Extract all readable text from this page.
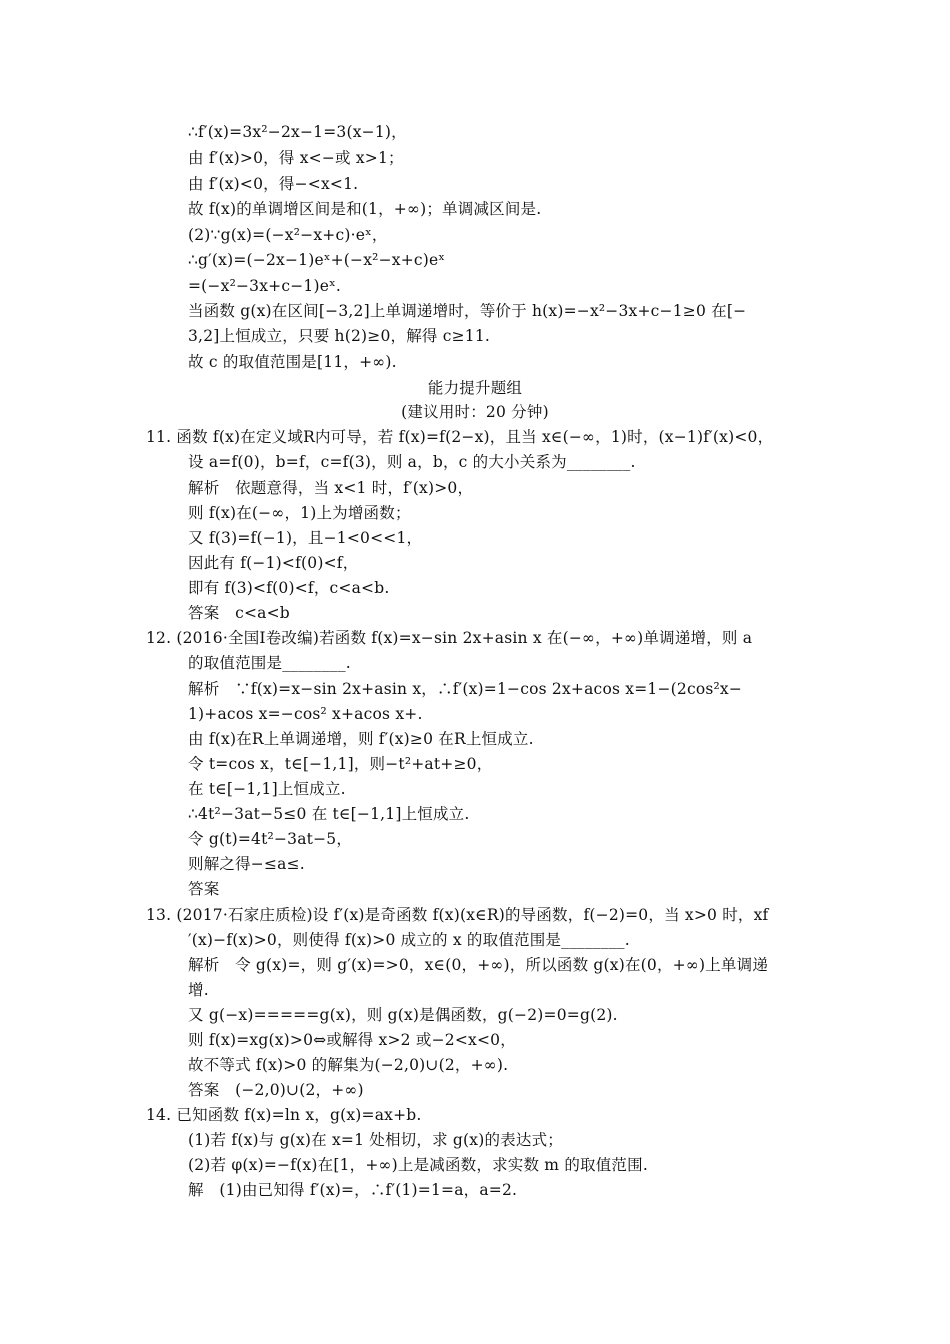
∴f′(x)=3x²−2x−1=3(x−1)，
由 f′(x)>0，得 x<−或 x>1；
由 f′(x)<0，得−<x<1.
故 f(x)的单调增区间是和(1，+∞)；单调减区间是.
(2)∵g(x)=(−x²−x+c)·eˣ，
∴g′(x)=(−2x−1)eˣ+(−x²−x+c)eˣ
=(−x²−3x+c−1)eˣ.
当函数 g(x)在区间[−3,2]上单调递增时，等价于 h(x)=−x²−3x+c−1≥0 在[−
3,2]上恒成立，只要 h(2)≥0，解得 c≥11.
故 c 的取值范围是[11，+∞).
能力提升题组
(建议用时：20 分钟)
11. 函数 f(x)在定义域R内可导，若 f(x)=f(2−x)，且当 x∈(−∞，1)时，(x−1)f′(x)<0，
设 a=f(0)，b=f，c=f(3)，则 a，b，c 的大小关系为________.
解析　依题意得，当 x<1 时，f′(x)>0，
则 f(x)在(−∞，1)上为增函数；
又 f(3)=f(−1)，且−1<0<<1，
因此有 f(−1)<f(0)<f，
即有 f(3)<f(0)<f，c<a<b.
答案　c<a<b
12. (2016·全国Ⅰ卷改编)若函数 f(x)=x−sin 2x+asin x 在(−∞，+∞)单调递增，则 a
的取值范围是________.
解析　∵f(x)=x−sin 2x+asin x，∴f′(x)=1−cos 2x+acos x=1−(2cos²x−
1)+acos x=−cos² x+acos x+.
由 f(x)在R上单调递增，则 f′(x)≥0 在R上恒成立.
令 t=cos x，t∈[−1,1]，则−t²+at+≥0，
在 t∈[−1,1]上恒成立.
∴4t²−3at−5≤0 在 t∈[−1,1]上恒成立.
令 g(t)=4t²−3at−5，
则解之得−≤a≤.
答案
13. (2017·石家庄质检)设 f′(x)是奇函数 f(x)(x∈R)的导函数，f(−2)=0，当 x>0 时，xf
′(x)−f(x)>0，则使得 f(x)>0 成立的 x 的取值范围是________.
解析　令 g(x)=，则 g′(x)=>0，x∈(0，+∞)，所以函数 g(x)在(0，+∞)上单调递
增.
又 g(−x)=====g(x)，则 g(x)是偶函数，g(−2)=0=g(2).
则 f(x)=xg(x)>0⇔或解得 x>2 或−2<x<0，
故不等式 f(x)>0 的解集为(−2,0)∪(2，+∞).
答案　(−2,0)∪(2，+∞)
14. 已知函数 f(x)=ln x，g(x)=ax+b.
(1)若 f(x)与 g(x)在 x=1 处相切，求 g(x)的表达式；
(2)若 φ(x)=−f(x)在[1，+∞)上是减函数，求实数 m 的取值范围.
解　(1)由已知得 f′(x)=，∴f′(1)=1=a，a=2.
